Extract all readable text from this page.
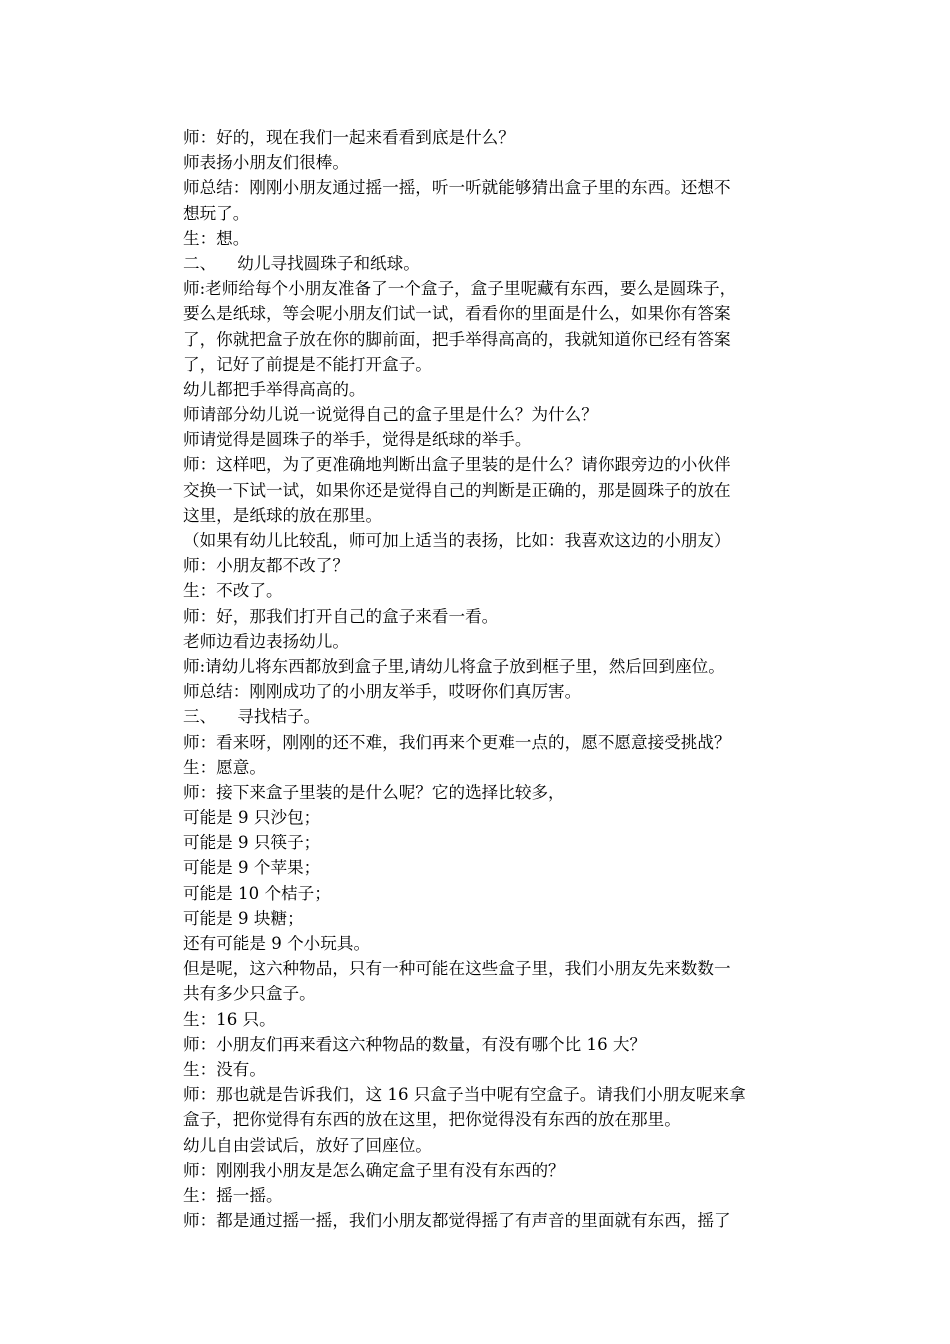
师：好的，现在我们一起来看看到底是什么？
师表扬小朋友们很棒。
师总结：刚刚小朋友通过摇一摇，听一听就能够猜出盒子里的东西。还想不
想玩了。
生：想。
二、    幼儿寻找圆珠子和纸球。
师:老师给每个小朋友准备了一个盒子，盒子里呢藏有东西，要么是圆珠子，
要么是纸球，等会呢小朋友们试一试，看看你的里面是什么，如果你有答案
了，你就把盒子放在你的脚前面，把手举得高高的，我就知道你已经有答案
了，记好了前提是不能打开盒子。
幼儿都把手举得高高的。
师请部分幼儿说一说觉得自己的盒子里是什么？为什么？
师请觉得是圆珠子的举手，觉得是纸球的举手。
师：这样吧，为了更准确地判断出盒子里装的是什么？请你跟旁边的小伙伴
交换一下试一试，如果你还是觉得自己的判断是正确的，那是圆珠子的放在
这里，是纸球的放在那里。
（如果有幼儿比较乱，师可加上适当的表扬，比如：我喜欢这边的小朋友）
师：小朋友都不改了？
生：不改了。
师：好，那我们打开自己的盒子来看一看。
老师边看边表扬幼儿。
师:请幼儿将东西都放到盒子里,请幼儿将盒子放到框子里，然后回到座位。
师总结：刚刚成功了的小朋友举手，哎呀你们真厉害。
三、    寻找桔子。
师：看来呀，刚刚的还不难，我们再来个更难一点的，愿不愿意接受挑战？
生：愿意。
师：接下来盒子里装的是什么呢？它的选择比较多，
可能是 9 只沙包；
可能是 9 只筷子；
可能是 9 个苹果；
可能是 10 个桔子；
可能是 9 块糖；
还有可能是 9 个小玩具。
但是呢，这六种物品，只有一种可能在这些盒子里，我们小朋友先来数数一
共有多少只盒子。
生：16 只。
师：小朋友们再来看这六种物品的数量，有没有哪个比 16 大？
生：没有。
师：那也就是告诉我们，这 16 只盒子当中呢有空盒子。请我们小朋友呢来拿
盒子，把你觉得有东西的放在这里，把你觉得没有东西的放在那里。
幼儿自由尝试后，放好了回座位。
师：刚刚我小朋友是怎么确定盒子里有没有东西的？
生：摇一摇。
师：都是通过摇一摇，我们小朋友都觉得摇了有声音的里面就有东西，摇了
